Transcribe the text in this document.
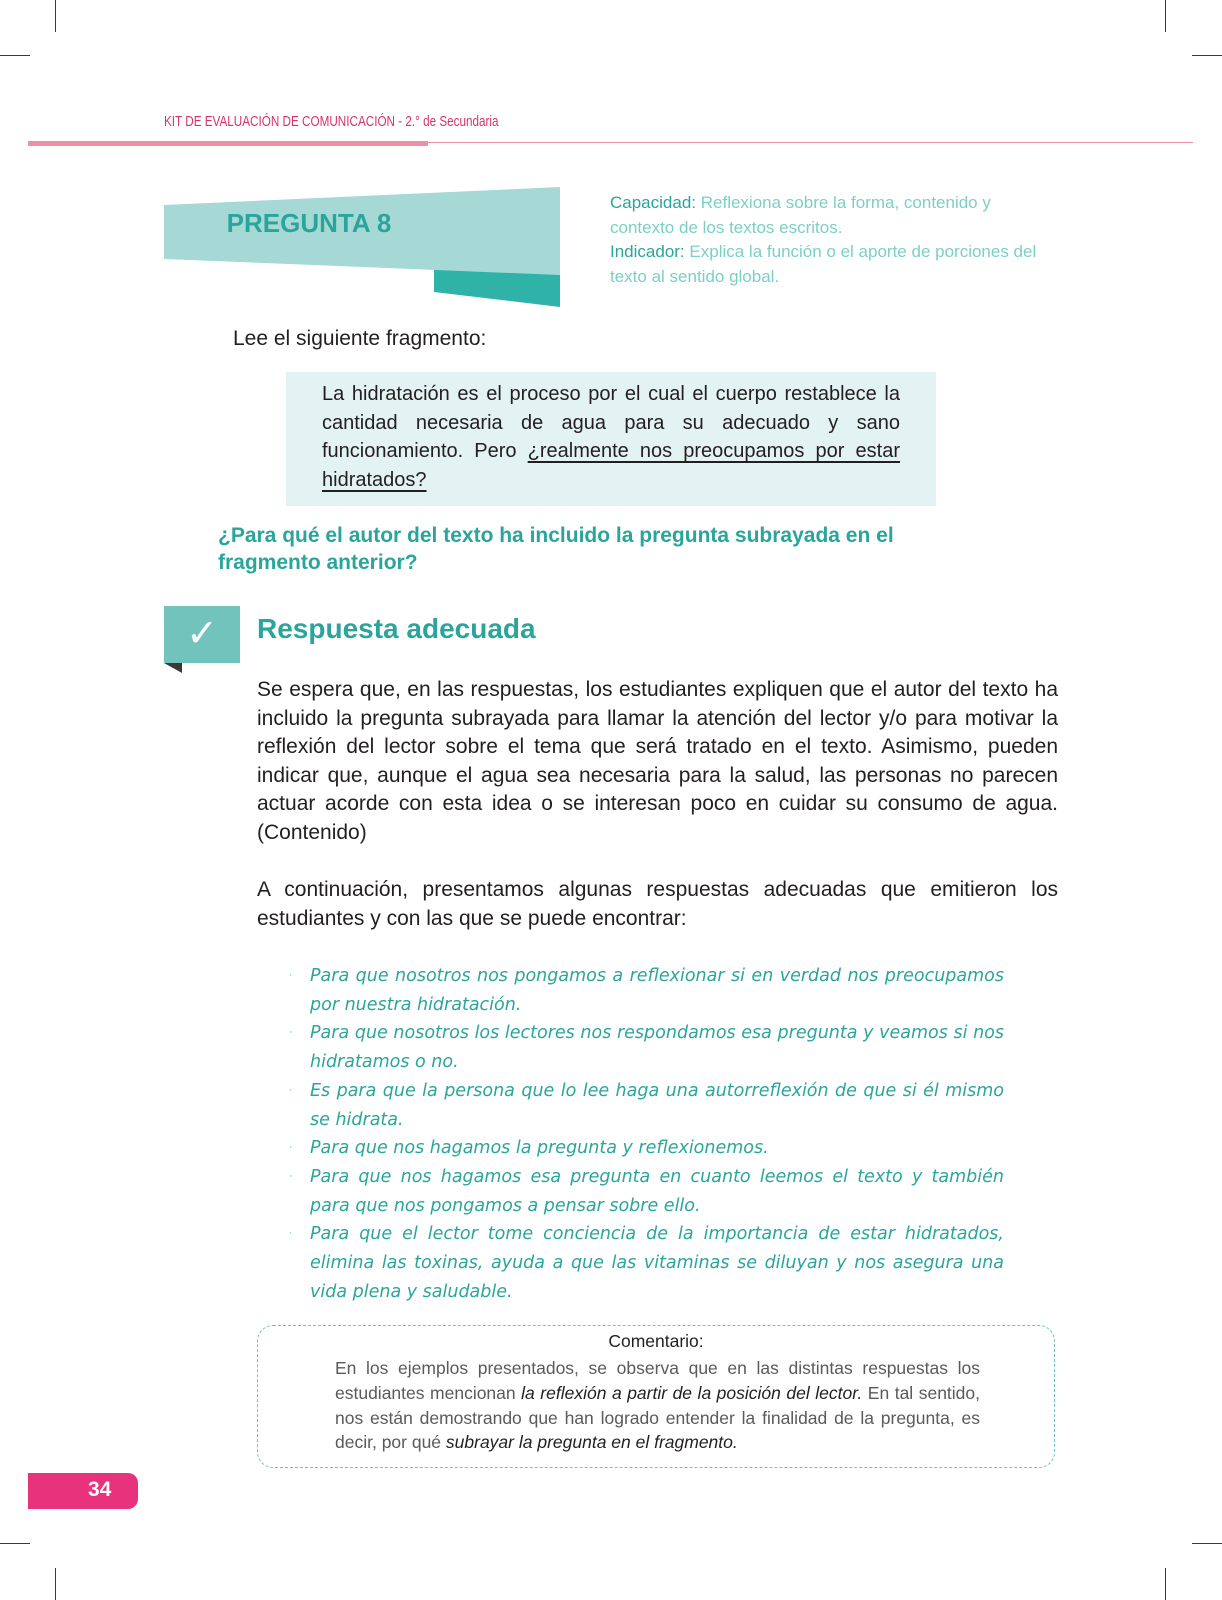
KIT DE EVALUACIÓN DE COMUNICACIÓN - 2.° de Secundaria
PREGUNTA 8
Capacidad: Reflexiona sobre la forma, contenido y contexto de los textos escritos.
Indicador: Explica la función o el aporte de porciones del texto al sentido global.
Lee el siguiente fragmento:
La hidratación es el proceso por el cual el cuerpo restablece la cantidad necesaria de agua para su adecuado y sano funcionamiento. Pero ¿realmente nos preocupamos por estar hidratados?
¿Para qué el autor del texto ha incluido la pregunta subrayada en el fragmento anterior?
✓	Respuesta adecuada
Se espera que, en las respuestas, los estudiantes expliquen que el autor del texto ha incluido la pregunta subrayada para llamar la atención del lector y/o para motivar la reflexión del lector sobre el tema que será tratado en el texto. Asimismo, pueden indicar que, aunque el agua sea necesaria para la salud, las personas no parecen actuar acorde con esta idea o se interesan poco en cuidar su consumo de agua. (Contenido)
A continuación, presentamos algunas respuestas adecuadas que emitieron los estudiantes y con las que se puede encontrar:
· Para que nosotros nos pongamos a reflexionar si en verdad nos preocupamos por nuestra hidratación.
· Para que nosotros los lectores nos respondamos esa pregunta y veamos si nos hidratamos o no.
· Es para que la persona que lo lee haga una autorreflexión de que si él mismo se hidrata.
· Para que nos hagamos la pregunta y reflexionemos.
· Para que nos hagamos esa pregunta en cuanto leemos el texto y también para que nos pongamos a pensar sobre ello.
· Para que el lector tome conciencia de la importancia de estar hidratados, elimina las toxinas, ayuda a que las vitaminas se diluyan y nos asegura una vida plena y saludable.
Comentario:
En los ejemplos presentados, se observa que en las distintas respuestas los estudiantes mencionan la reflexión a partir de la posición del lector. En tal sentido, nos están demostrando que han logrado entender la finalidad de la pregunta, es decir, por qué subrayar la pregunta en el fragmento.
34
